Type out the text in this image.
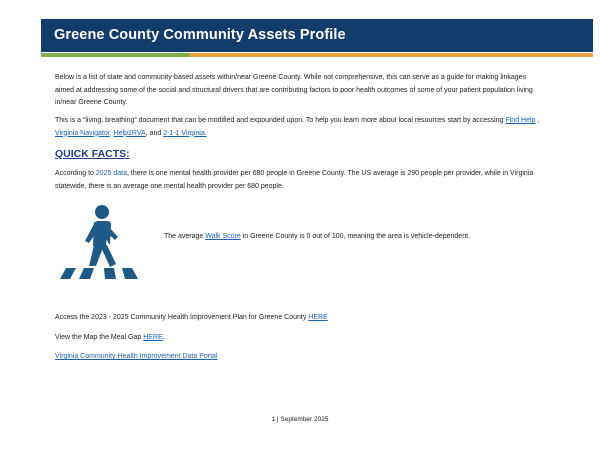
Greene County Community Assets Profile
Below is a list of state and community-based assets within/near Greene County. While not comprehensive, this can serve as a guide for making linkages aimed at addressing some of the social and structural drivers that are contributing factors to poor health outcomes of some of your patient population living in/near Greene County.
This is a “living, breathing” document that can be modified and expounded upon. To help you learn more about local resources start by accessing Find Help , Virginia Navigator, Help1RVA, and 2-1-1 Virginia.
QUICK FACTS:
According to 2025 data, there is one mental health provider per 680 people in Greene County. The US average is 290 people per provider, while in Virginia statewide, there is an average one mental health provider per 680 people.
The average Walk Score in Greene County is 0 out of 100, meaning the area is vehicle-dependent.
Access the 2023 - 2025 Community Health Improvement Plan for Greene County HERE
View the Map the Meal Gap HERE.
Virginia Community Health Improvement Data Portal
1 | September 2025
